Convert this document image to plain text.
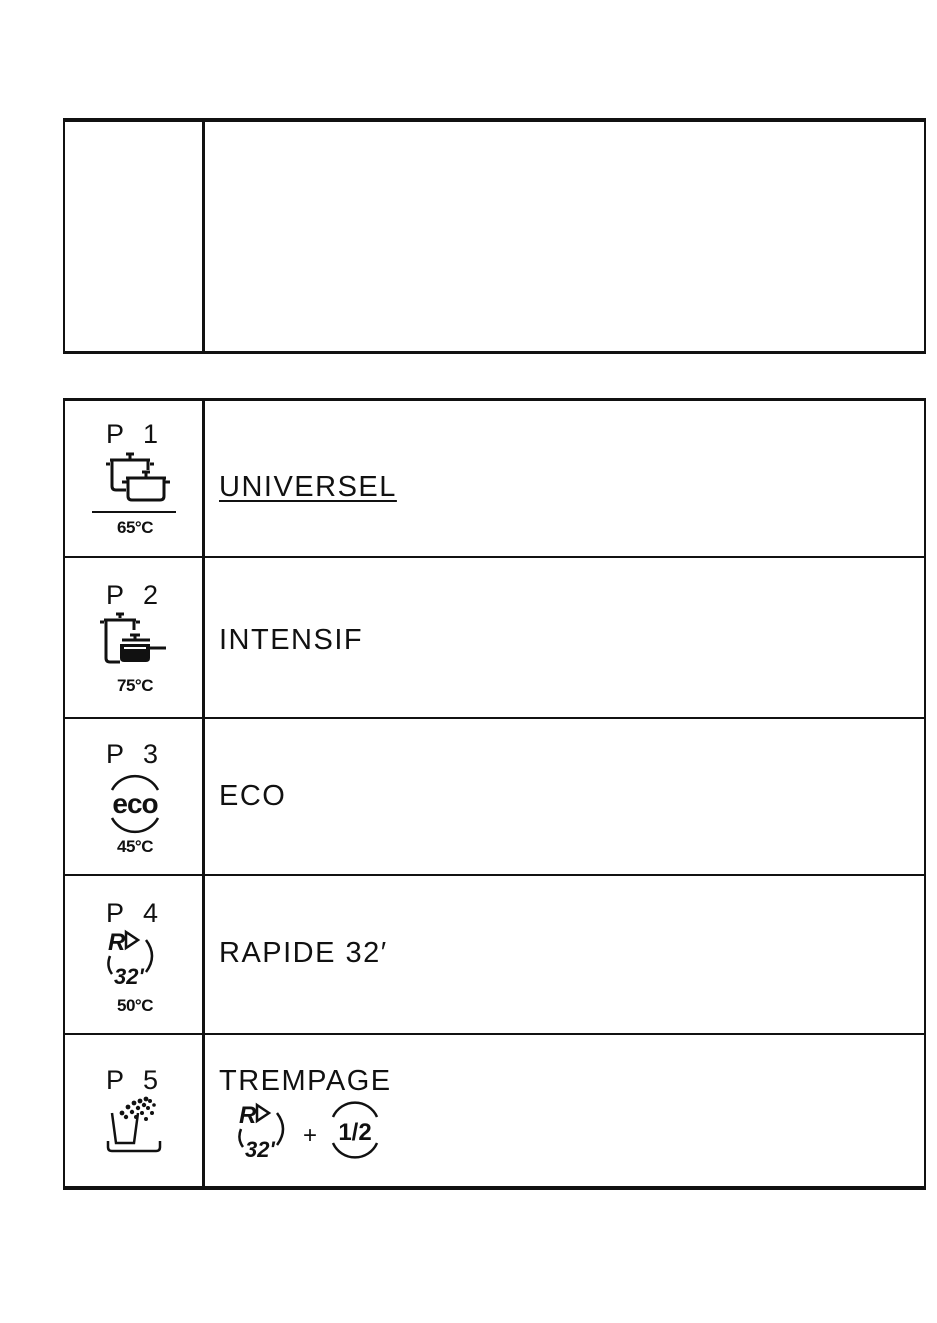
P 1
65°C
UNIVERSEL
P 2
75°C
INTENSIF
P 3
eco
45°C
ECO
P 4
R
32'
50°C
RAPIDE 32′
P 5	TREMPAGE
R
32'
+ 1/2
